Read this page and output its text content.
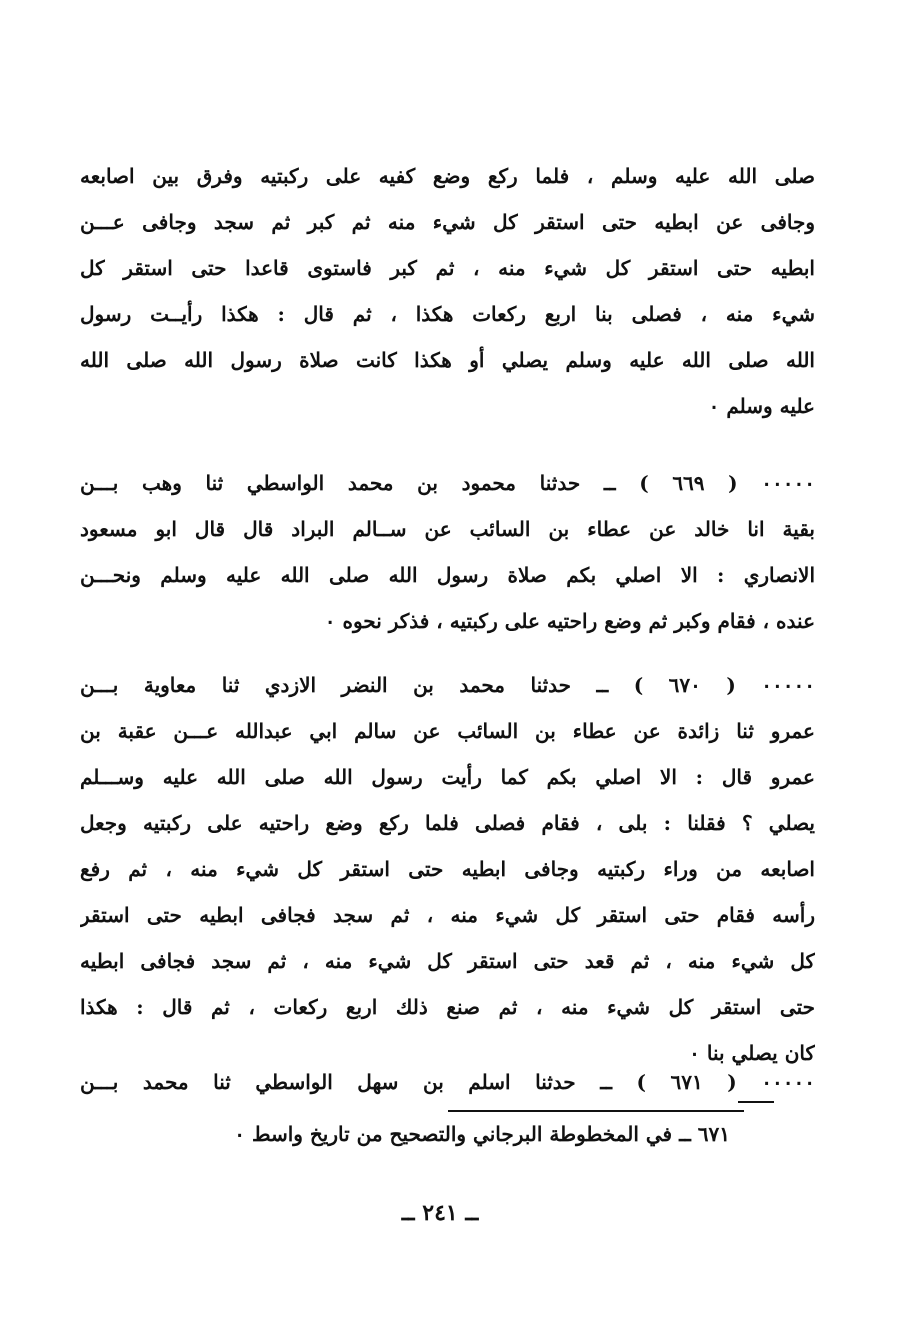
صلى الله عليه وسلم ، فلما ركع وضع كفيه على ركبتيه وفرق بين اصابعه
وجافى عن ابطيه حتى استقر كل شيء منه ثم كبر ثم سجد وجافى عـــن
ابطيه حتى استقر كل شيء منه ، ثم كبر فاستوى قاعدا حتى استقر كل
شيء منه ، فصلى بنا اربع ركعات هكذا ، ثم قال : هكذا رأيــت رسول
الله صلى الله عليه وسلم يصلي أو هكذا كانت صلاة رسول الله صلى الله
عليه وسلم ٠
٠٠٠٠٠ ( ٦٦٩ ) ــ حدثنا محمود بن محمد الواسطي ثنا وهب بـــن
بقية انا خالد عن عطاء بن السائب عن ســالم البراد قال قال ابو مسعود
الانصاري : الا اصلي بكم صلاة رسول الله صلى الله عليه وسلم ونحـــن
عنده ، فقام وكبر ثم وضع راحتيه على ركبتيه ، فذكر نحوه ٠
٠٠٠٠٠ ( ٦٧٠ ) ــ حدثنا محمد بن النضر الازدي ثنا معاوية بـــن
عمرو ثنا زائدة عن عطاء بن السائب عن سالم ابي عبدالله عـــن عقبة بن
عمرو قال : الا اصلي بكم كما رأيت رسول الله صلى الله عليه وســـلم
يصلي ؟ فقلنا : بلى ، فقام فصلى فلما ركع وضع راحتيه على ركبتيه وجعل
اصابعه من وراء ركبتيه وجافى ابطيه حتى استقر كل شيء منه ، ثم رفع
رأسه فقام حتى استقر كل شيء منه ، ثم سجد فجافى ابطيه حتى استقر
كل شيء منه ، ثم قعد حتى استقر كل شيء منه ، ثم سجد فجافى ابطيه
حتى استقر كل شيء منه ، ثم صنع ذلك اربع ركعات ، ثم قال : هكذا
كان يصلي بنا ٠
٠٠٠٠٠ ( ٦٧١ ) ــ حدثنا اسلم بن سهل الواسطي ثنا محمد بـــن
٦٧١ ــ في المخطوطة البرجاني والتصحيح من تاريخ واسط ٠
ــ ٢٤١ ــ
